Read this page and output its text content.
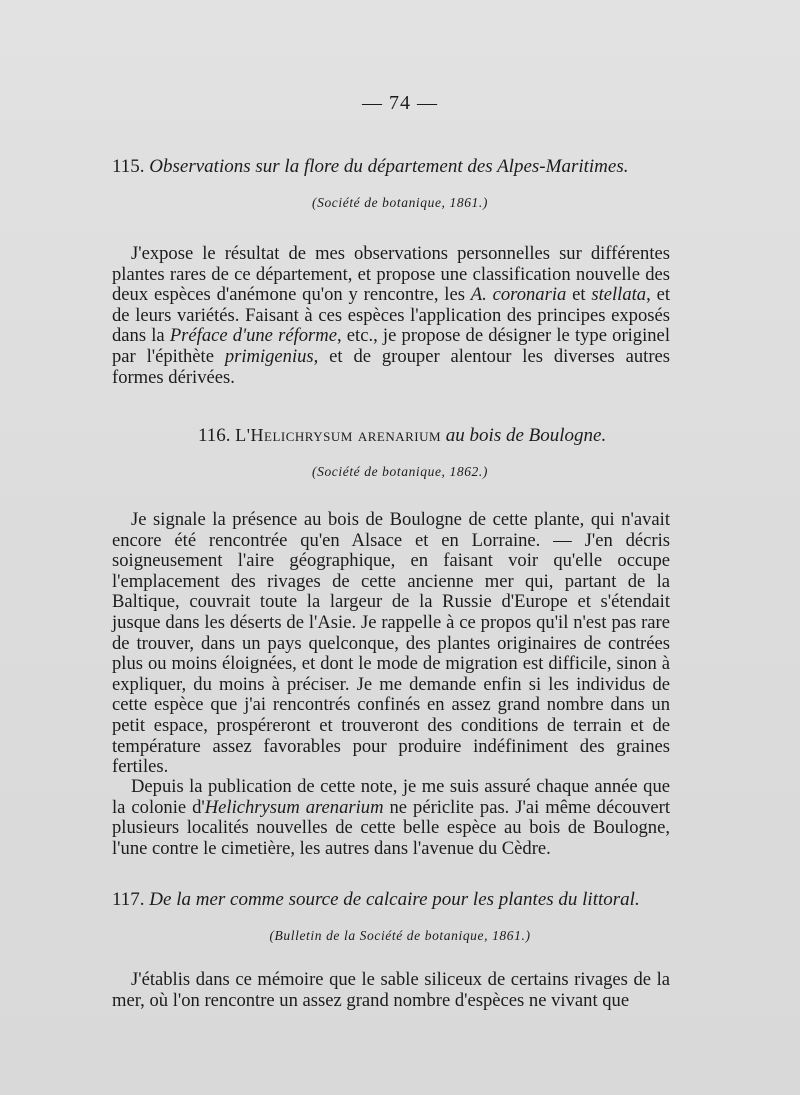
— 74 —
115. Observations sur la flore du département des Alpes-Maritimes.
(Société de botanique, 1861.)

J'expose le résultat de mes observations personnelles sur différentes plantes rares de ce département, et propose une classification nouvelle des deux espèces d'anémone qu'on y rencontre, les A. coronaria et stellata, et de leurs variétés. Faisant à ces espèces l'application des principes exposés dans la Préface d'une réforme, etc., je propose de désigner le type originel par l'épithète primigenius, et de grouper alentour les diverses autres formes dérivées.

116. L'Helichrysum arenarium au bois de Boulogne.
(Société de botanique, 1862.)

Je signale la présence au bois de Boulogne de cette plante, qui n'avait encore été rencontrée qu'en Alsace et en Lorraine. — J'en décris soigneusement l'aire géographique, en faisant voir qu'elle occupe l'emplacement des rivages de cette ancienne mer qui, partant de la Baltique, couvrait toute la largeur de la Russie d'Europe et s'étendait jusque dans les déserts de l'Asie. Je rappelle à ce propos qu'il n'est pas rare de trouver, dans un pays quelconque, des plantes originaires de contrées plus ou moins éloignées, et dont le mode de migration est difficile, sinon à expliquer, du moins à préciser. Je me demande enfin si les individus de cette espèce que j'ai rencontrés confinés en assez grand nombre dans un petit espace, prospéreront et trouveront des conditions de terrain et de température assez favorables pour produire indéfiniment des graines fertiles.

Depuis la publication de cette note, je me suis assuré chaque année que la colonie d'Helichrysum arenarium ne périclite pas. J'ai même découvert plusieurs localités nouvelles de cette belle espèce au bois de Boulogne, l'une contre le cimetière, les autres dans l'avenue du Cèdre.

117. De la mer comme source de calcaire pour les plantes du littoral.
(Bulletin de la Société de botanique, 1861.)

J'établis dans ce mémoire que le sable siliceux de certains rivages de la mer, où l'on rencontre un assez grand nombre d'espèces ne vivant que
